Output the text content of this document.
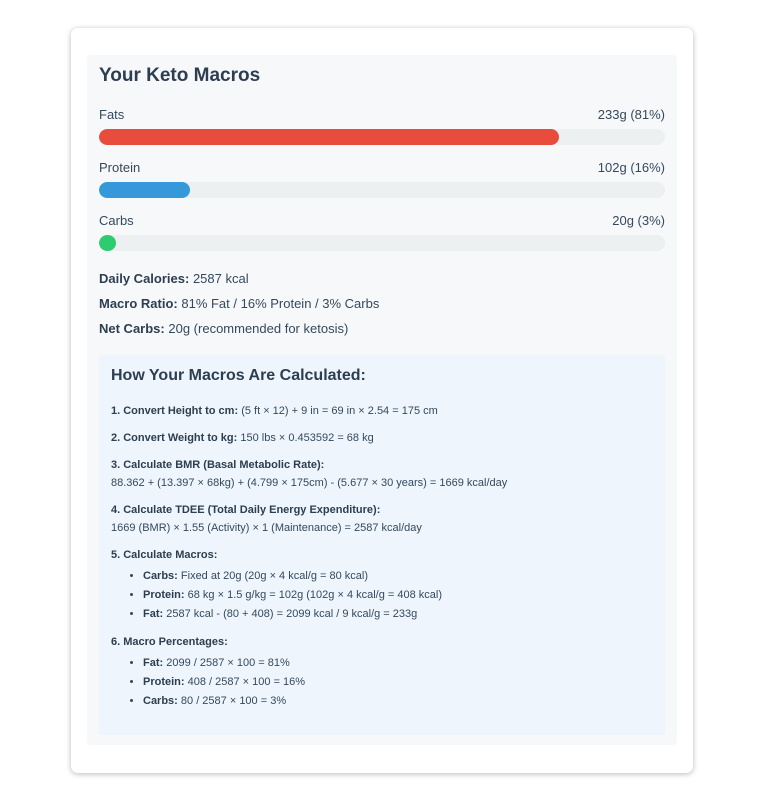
Your Keto Macros
Fats	233g (81%)
Protein	102g (16%)
Carbs	20g (3%)
Daily Calories: 2587 kcal
Macro Ratio: 81% Fat / 16% Protein / 3% Carbs
Net Carbs: 20g (recommended for ketosis)
How Your Macros Are Calculated:
1. Convert Height to cm: (5 ft × 12) + 9 in = 69 in × 2.54 = 175 cm
2. Convert Weight to kg: 150 lbs × 0.453592 = 68 kg
3. Calculate BMR (Basal Metabolic Rate):
88.362 + (13.397 × 68kg) + (4.799 × 175cm) - (5.677 × 30 years) = 1669 kcal/day
4. Calculate TDEE (Total Daily Energy Expenditure):
1669 (BMR) × 1.55 (Activity) × 1 (Maintenance) = 2587 kcal/day
5. Calculate Macros:
• Carbs: Fixed at 20g (20g × 4 kcal/g = 80 kcal)
• Protein: 68 kg × 1.5 g/kg = 102g (102g × 4 kcal/g = 408 kcal)
• Fat: 2587 kcal - (80 + 408) = 2099 kcal / 9 kcal/g = 233g
6. Macro Percentages:
• Fat: 2099 / 2587 × 100 = 81%
• Protein: 408 / 2587 × 100 = 16%
• Carbs: 80 / 2587 × 100 = 3%
